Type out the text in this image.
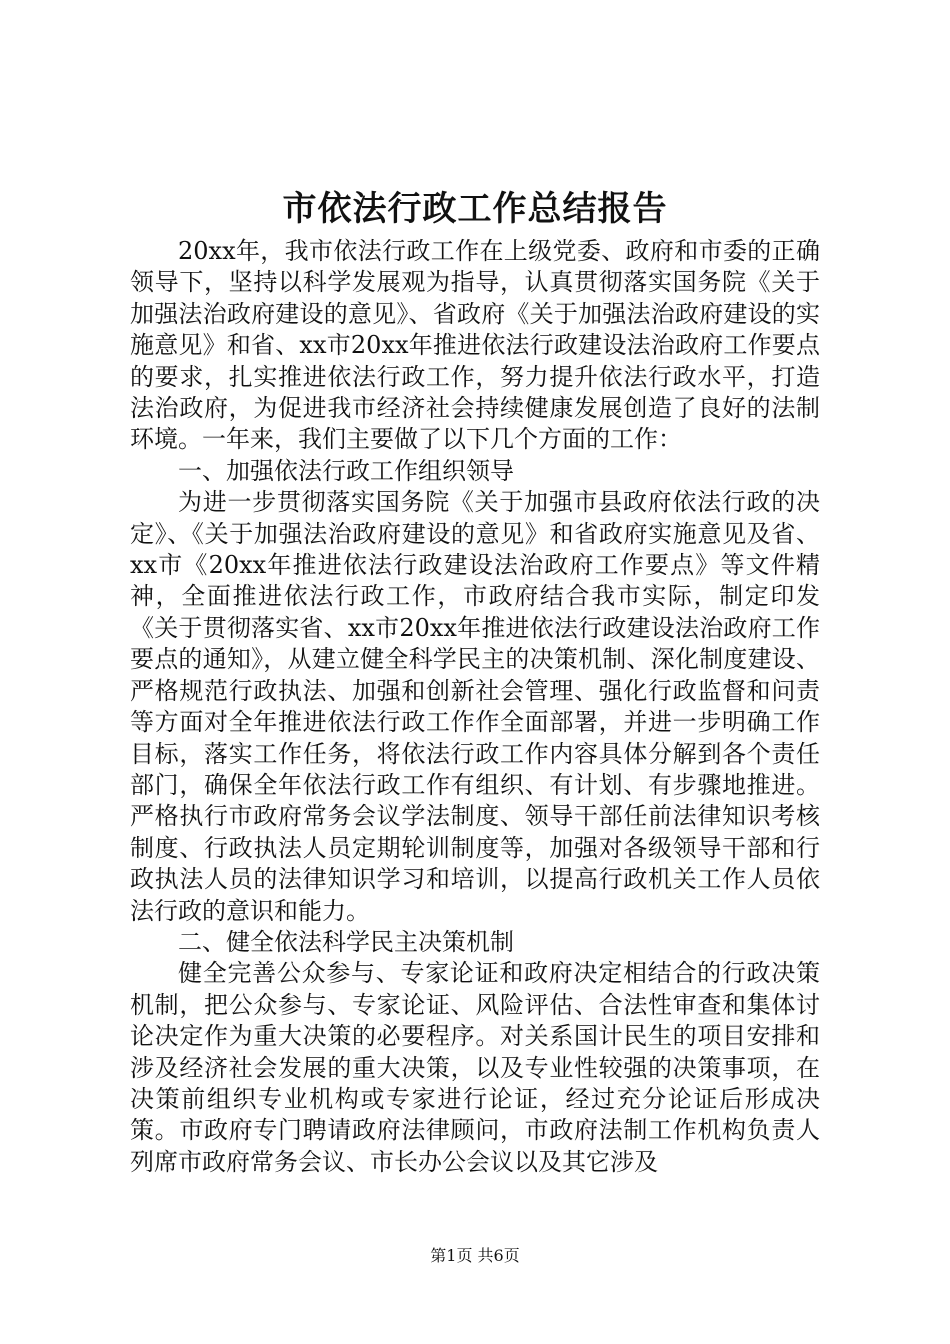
市依法行政工作总结报告

20xx年，我市依法行政工作在上级党委、政府和市委的正确领导下，坚持以科学发展观为指导，认真贯彻落实国务院《关于加强法治政府建设的意见》、省政府《关于加强法治政府建设的实施意见》和省、xx市20xx年推进依法行政建设法治政府工作要点的要求，扎实推进依法行政工作，努力提升依法行政水平，打造法治政府，为促进我市经济社会持续健康发展创造了良好的法制环境。一年来，我们主要做了以下几个方面的工作：

一、加强依法行政工作组织领导

为进一步贯彻落实国务院《关于加强市县政府依法行政的决定》、《关于加强法治政府建设的意见》和省政府实施意见及省、xx市《20xx年推进依法行政建设法治政府工作要点》等文件精神，全面推进依法行政工作，市政府结合我市实际，制定印发《关于贯彻落实省、xx市20xx年推进依法行政建设法治政府工作要点的通知》，从建立健全科学民主的决策机制、深化制度建设、严格规范行政执法、加强和创新社会管理、强化行政监督和问责等方面对全年推进依法行政工作作全面部署，并进一步明确工作目标，落实工作任务，将依法行政工作内容具体分解到各个责任部门，确保全年依法行政工作有组织、有计划、有步骤地推进。严格执行市政府常务会议学法制度、领导干部任前法律知识考核制度、行政执法人员定期轮训制度等，加强对各级领导干部和行政执法人员的法律知识学习和培训，以提高行政机关工作人员依法行政的意识和能力。

二、健全依法科学民主决策机制

健全完善公众参与、专家论证和政府决定相结合的行政决策机制，把公众参与、专家论证、风险评估、合法性审查和集体讨论决定作为重大决策的必要程序。对关系国计民生的项目安排和涉及经济社会发展的重大决策，以及专业性较强的决策事项，在决策前组织专业机构或专家进行论证，经过充分论证后形成决策。市政府专门聘请政府法律顾问，市政府法制工作机构负责人列席市政府常务会议、市长办公会议以及其它涉及

第1页 共6页
